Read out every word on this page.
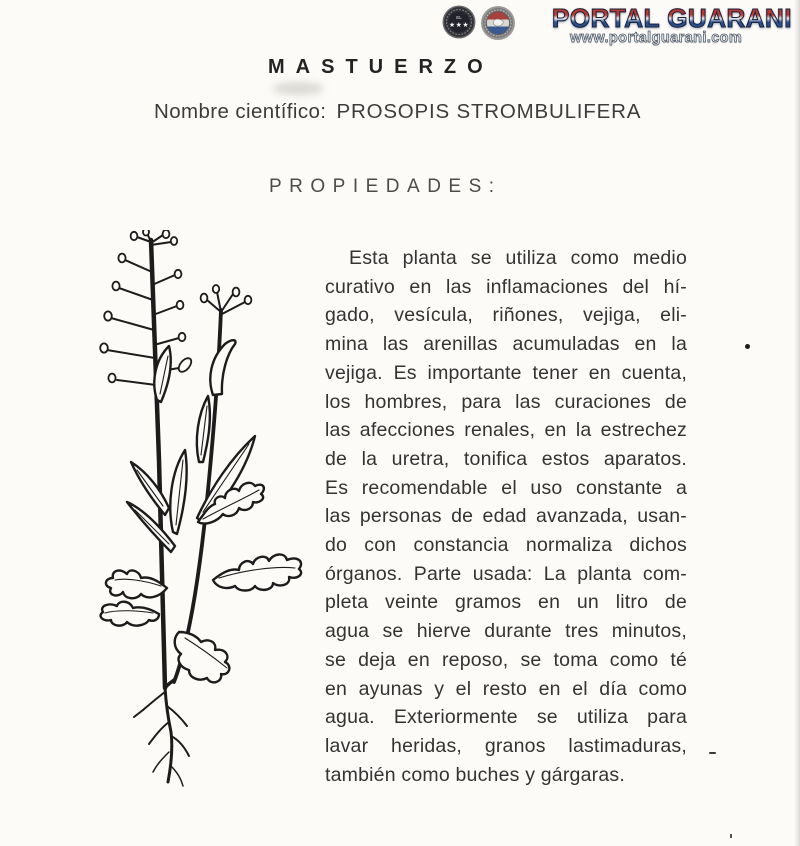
EL
★★★	PORTAL GUARANI
www.portalguarani.com
MASTUERZO
Nombre científico: PROSOPIS STROMBULIFERA
PROPIEDADES:
Esta planta se utiliza como medio
curativo en las inflamaciones del hí-
gado, vesícula, riñones, vejiga, eli-
mina las arenillas acumuladas en la
vejiga. Es importante tener en cuenta,
los hombres, para las curaciones de
las afecciones renales, en la estrechez
de la uretra, tonifica estos aparatos.
Es recomendable el uso constante a
las personas de edad avanzada, usan-
do con constancia normaliza dichos
órganos. Parte usada: La planta com-
pleta veinte gramos en un litro de
agua se hierve durante tres minutos,
se deja en reposo, se toma como té
en ayunas y el resto en el día como
agua. Exteriormente se utiliza para
lavar heridas, granos lastimaduras,
también como buches y gárgaras.
